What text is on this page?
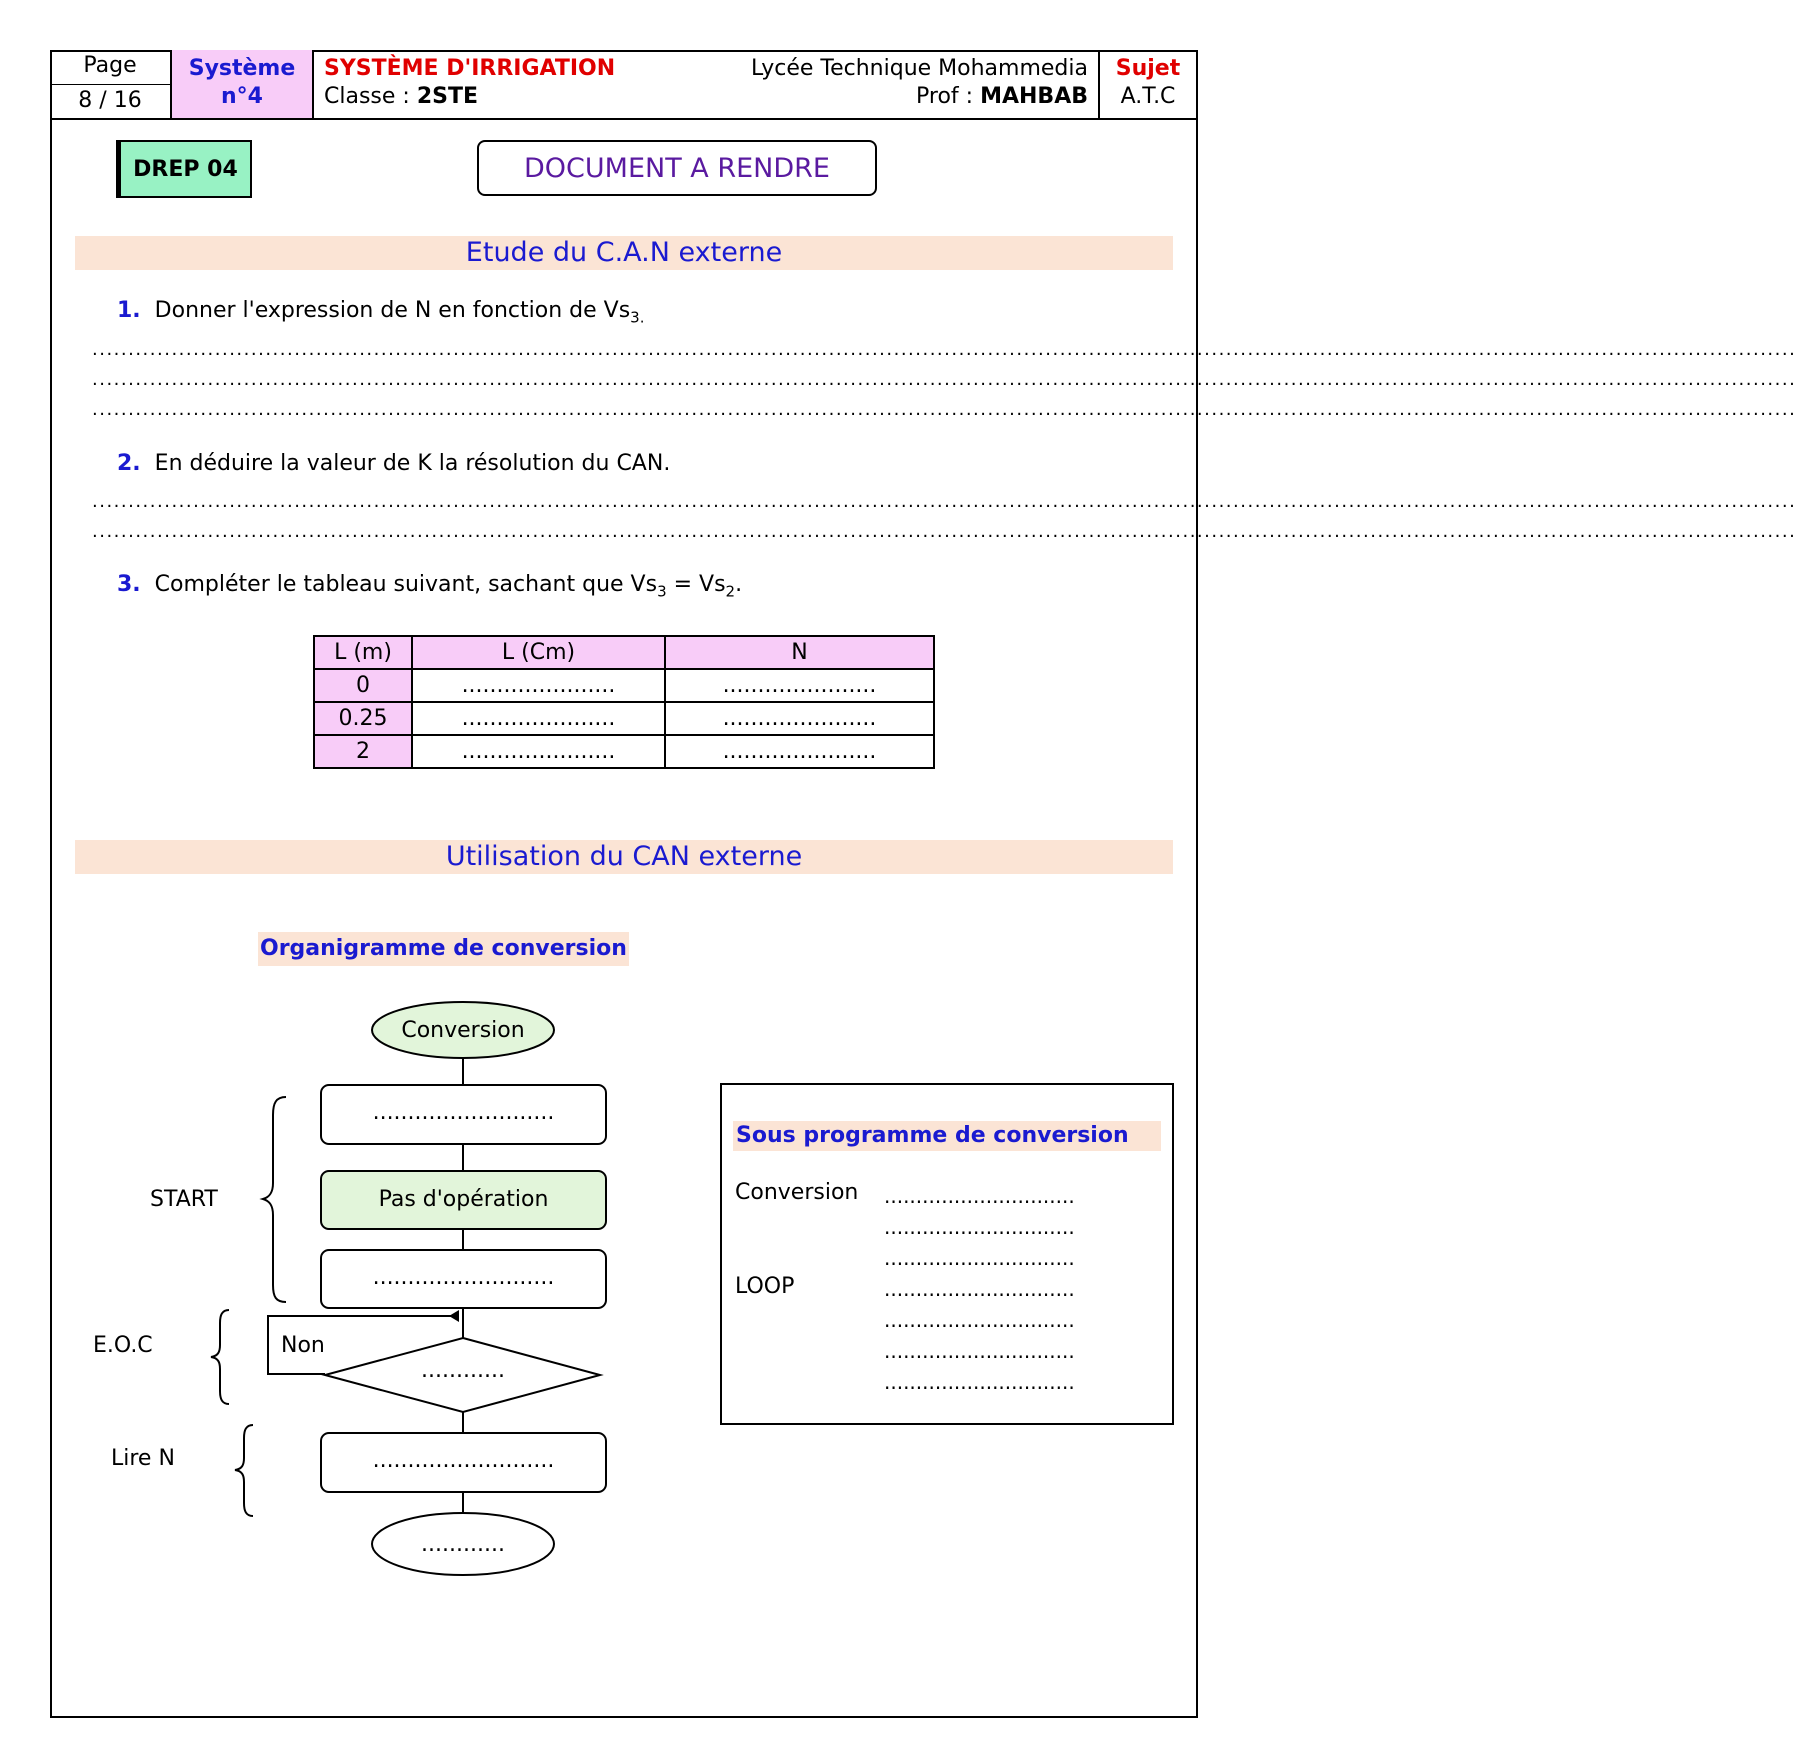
Page
8 / 16
Système
n°4
SYSTÈME D'IRRIGATION
Classe : 2STE
Lycée Technique Mohammedia
Prof : MAHBAB
Sujet
A.T.C
DREP 04	DOCUMENT A RENDRE
Etude du C.A.N externe
1. Donner l'expression de N en fonction de $Vs_{3.}$
............................................................................................................................................................................................................................................
............................................................................................................................................................................................................................................
............................................................................................................................................................................................................................................
2. En déduire la valeur de K la résolution du CAN.
............................................................................................................................................................................................................................................
............................................................................................................................................................................................................................................
3. Compléter le tableau suivant, sachant que $Vs_3 = Vs_2$.
L (m)	L (Cm)	N
0	......................	......................
0.25	......................	......................
2	......................	......................
Utilisation du CAN externe
Organigramme de conversion
Conversion
..........................
Pas d'opération
..........................
Non
............
..........................
............
START
E.O.C
Lire N
Sous programme de conversion
Conversion
LOOP
..............................
..............................
..............................
..............................
..............................
..............................
..............................
